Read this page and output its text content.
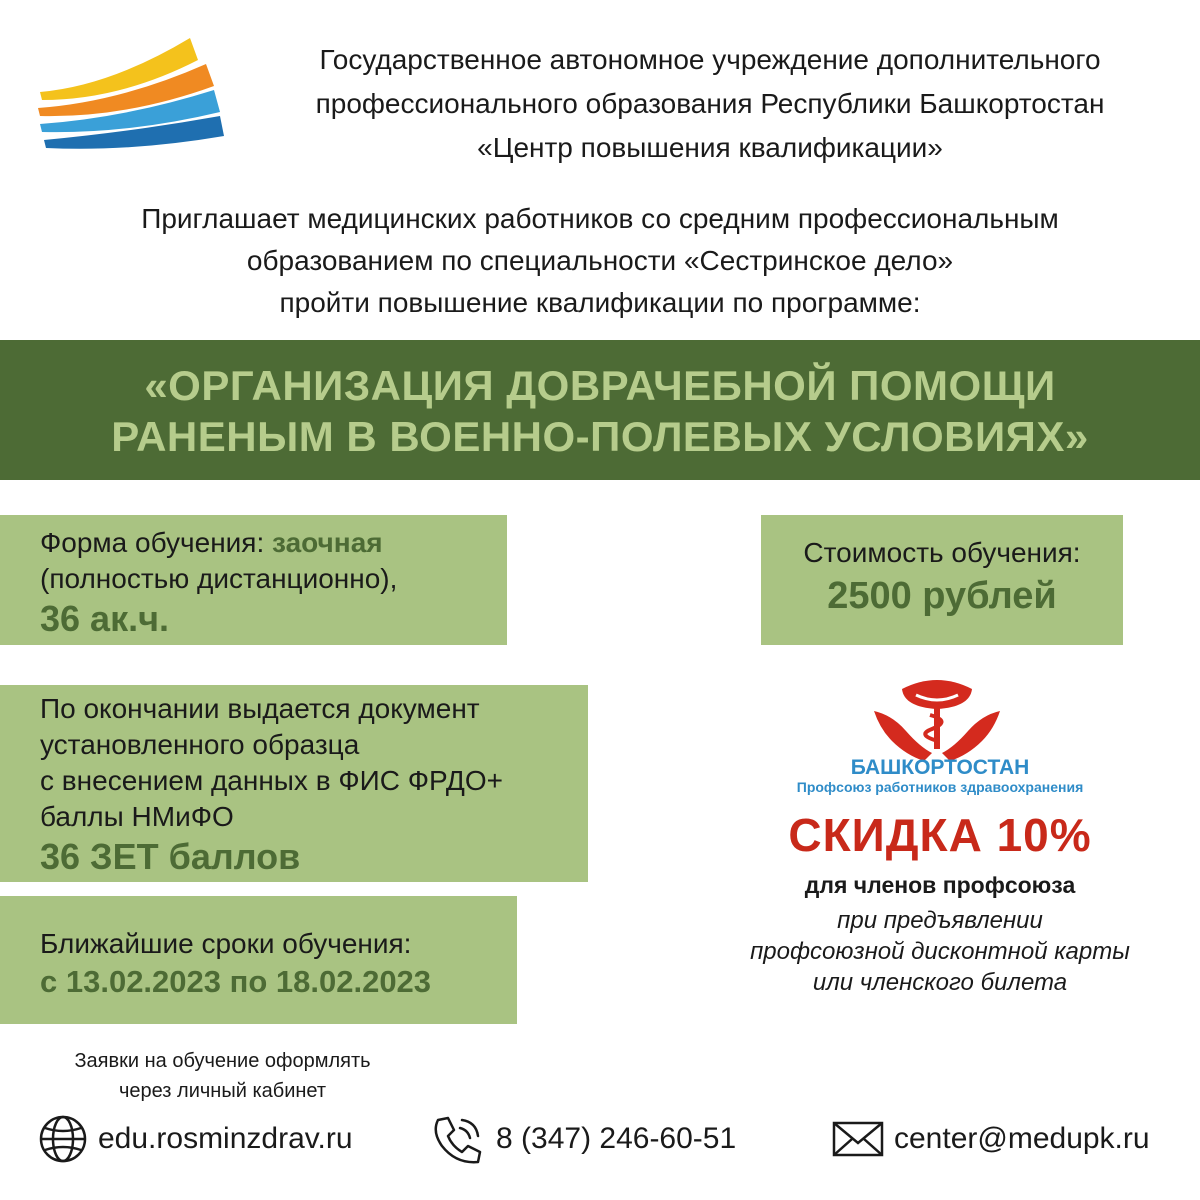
Государственное автономное учреждение дополнительного
профессионального образования Республики Башкортостан
«Центр повышения квалификации»
Приглашает медицинских работников со средним профессиональным
образованием по специальности «Сестринское дело»
пройти повышение квалификации по программе:
«ОРГАНИЗАЦИЯ ДОВРАЧЕБНОЙ ПОМОЩИ
РАНЕНЫМ В ВОЕННО-ПОЛЕВЫХ УСЛОВИЯХ»
Форма обучения: заочная
(полностью дистанционно),
36 ак.ч.
Стоимость обучения:
2500 рублей
По окончании выдается документ
установленного образца
с внесением данных в ФИС ФРДО+
баллы НМиФО
36 ЗЕТ баллов
Ближайшие сроки обучения:
с 13.02.2023 по 18.02.2023
БАШКОРТОСТАН
Профсоюз работников здравоохранения
СКИДКА 10%
для членов профсоюза
при предъявлении
профсоюзной дисконтной карты
или членского билета
Заявки на обучение оформлять
через личный кабинет
edu.rosminzdrav.ru	8 (347) 246-60-51	center@medupk.ru
